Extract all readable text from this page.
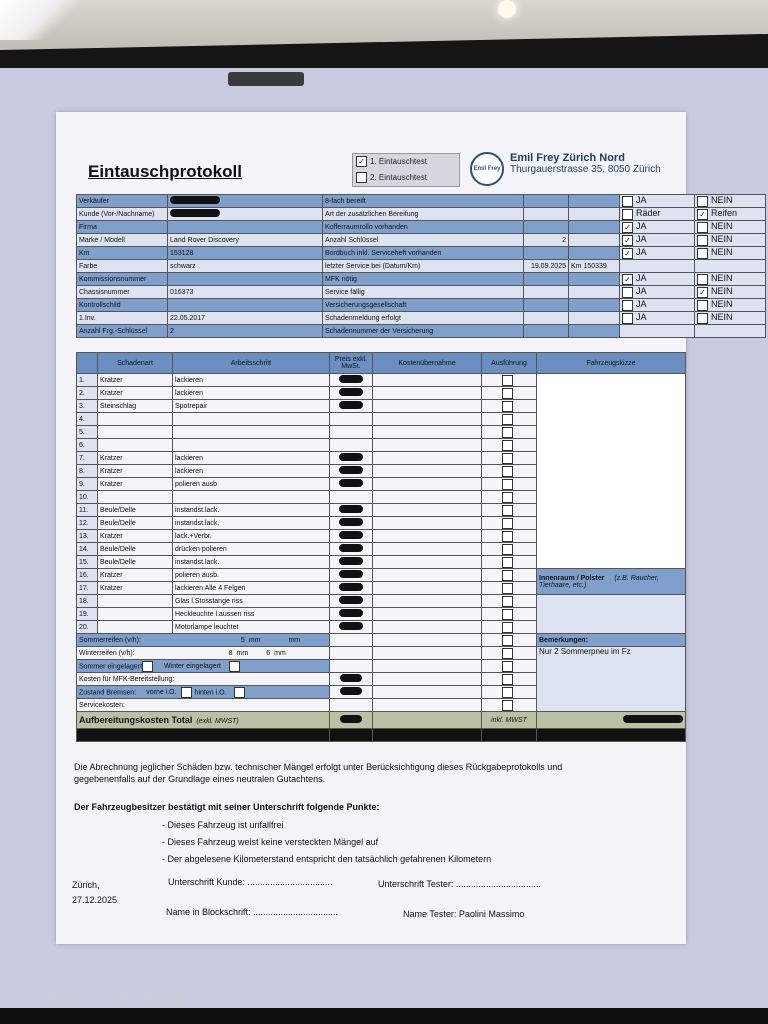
Eintauschprotokoll
✓ 1. Eintauschtest
2. Eintauschtest
Emil Frey
Emil Frey Zürich Nord
Thurgauerstrasse 35, 8050 Zürich
Verkäufer		8-fach bereift			JA	NEIN
Kunde (Vor-/Nachname)		Art der zusätzlichen Bereifung			Räder	✓ Reifen
Firma		Kofferraumrollo vorhanden			✓ JA	NEIN
Marke / Modell	Land Rover Discovery	Anzahl Schlüssel	2		✓ JA	NEIN
Km	153128	Bordbuch inkl. Serviceheft vorhanden			✓ JA	NEIN
Farbe	schwarz	letzter Service bei (Datum/Km)	19.09.2025	Km 150339		
Kommissionsnummer		MFK nötig			✓ JA	NEIN
Chassisnummer	016373	Service fällig			JA	✓ NEIN
Kontrollschild		Versicherungsgesellschaft			JA	NEIN
1.Inv.	22.05.2017	Schadenmeldung erfolgt			JA	NEIN
Anzahl Frg.-Schlüssel	2	Schadennummer der Versicherung				
	Schadenart	Arbeitsschritt	Preis exkl. MwSt.	Kostenübernahme	Ausführung	Fahrzeugskizze
1.	Kratzer	lackieren				
2.	Kratzer	lackieren				
3.	Steinschlag	Spotrepair				
4.						
5.						
6.						
7.	Kratzer	lackieren				
8.	Kratzer	lackieren				
9.	Kratzer	polieren ausb				
10.						
11.	Beule/Delle	instandst.lack.				
12.	Beule/Delle	instandst.lack.				
13.	Kratzer	lack.+Verbr.				
14.	Beule/Delle	drücken polieren				
15.	Beule/Delle	instandst.lack.				
16.	Kratzer	polieren ausb.				Innenraum / Polster (z.B. Raucher, Tierhaare, etc.)
17.	Kratzer	lackieren Alle 4 Felgen				
18.		Glas l.Stosstange riss				
19.		Heckleuchte l.aussen riss				
20.		Motorlampe leuchtet				
Sommerreifen (v/h): 5 mm mm						Bemerkungen:
Winterreifen (v/h): 8 mm 6 mm						Nur 2 Sommerpneu im Fz
Sommer eingelagert Winter eingelagert						
Kosten für MFK-Bereitstellung:						
Zustand Bremsen: vorne i.O. hinten i.O.						
Servicekosten:						
Aufbereitungskosten Total (exkl. MWST)					inkl. MWST	

Die Abrechnung jeglicher Schäden bzw. technischer Mängel erfolgt unter Berücksichtigung dieses Rückgabeprotokolls und
gegebenenfalls auf der Grundlage eines neutralen Gutachtens.
Der Fahrzeugbesitzer bestätigt mit seiner Unterschrift folgende Punkte:
- Dieses Fahrzeug ist unfallfrei
- Dieses Fahrzeug weist keine versteckten Mängel auf
- Der abgelesene Kilometerstand entspricht den tatsächlich gefahrenen Kilometern
Zürich,
27.12.2025
Unterschrift Kunde: ..................................	Unterschrift Tester: ..................................
Name in Blockschrift: ..................................	Name Tester: Paolini Massimo
AutaZeSzwajcarii.pl
